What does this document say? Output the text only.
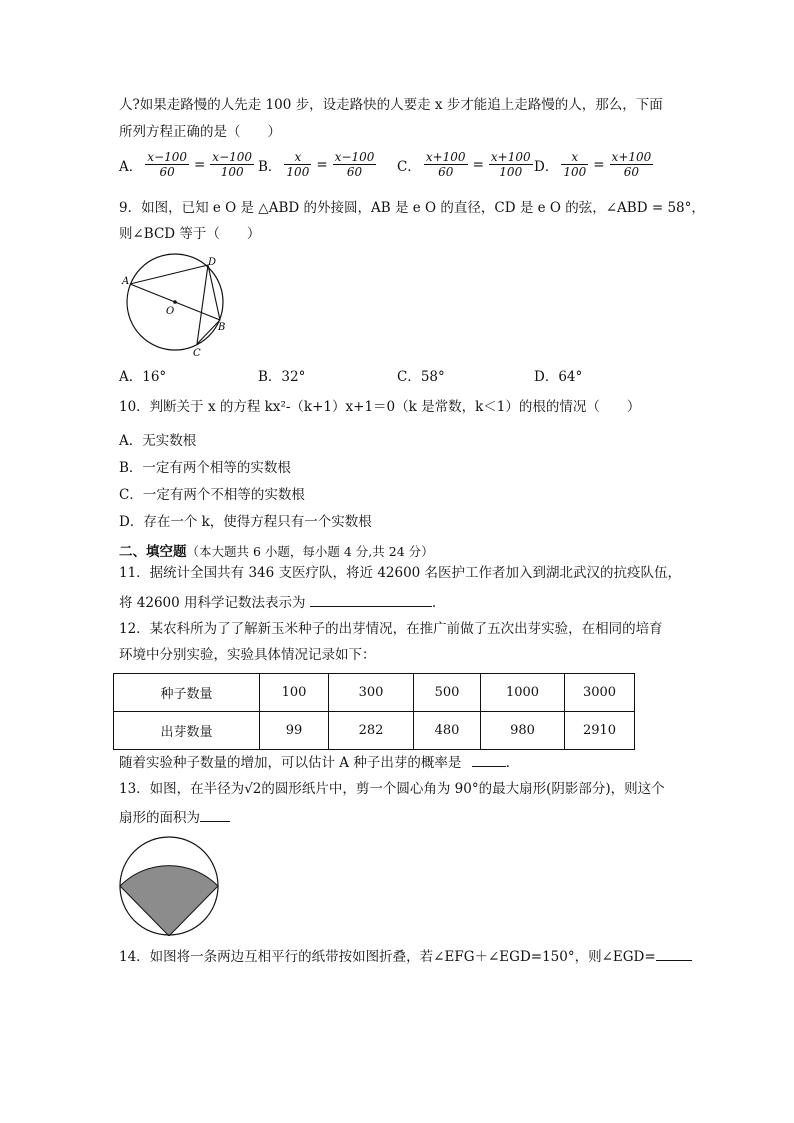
人?如果走路慢的人先走 100 步，设走路快的人要走 x 步才能追上走路慢的人，那么，下面
所列方程正确的是（　　）
A． $\frac{x-100}{60} = \frac{x-100}{100}$ B． $\frac{x}{100} = \frac{x-100}{60}$ C． $\frac{x+100}{60} = \frac{x+100}{100}$ D． $\frac{x}{100} = \frac{x+100}{60}$
9．如图，已知 e O 是 △ABD 的外接圆，AB 是 e O 的直径，CD 是 e O 的弦，∠ABD = 58°，
则∠BCD 等于（　　）
A
D
O
B
C
A．16°	B．32°	C．58°	D．64°
10．判断关于 x 的方程 kx²-（k+1）x+1＝0（k 是常数，k＜1）的根的情况（　　）
A．无实数根
B．一定有两个相等的实数根
C．一定有两个不相等的实数根
D．存在一个 k，使得方程只有一个实数根
二、填空题（本大题共 6 小题，每小题 4 分,共 24 分）
11．据统计全国共有 346 支医疗队，将近 42600 名医护工作者加入到湖北武汉的抗疫队伍，
将 42600 用科学记数法表示为	.
12．某农科所为了了解新玉米种子的出芽情况，在推广前做了五次出芽实验，在相同的培育
环境中分别实验，实验具体情况记录如下：
种子数量	100	300	500	1000	3000
出芽数量	99	282	480	980	2910
随着实验种子数量的增加，可以估计 A 种子出芽的概率是	.
13．如图，在半径为√2的圆形纸片中，剪一个圆心角为 90°的最大扇形(阴影部分)，则这个
扇形的面积为
14．如图将一条两边互相平行的纸带按如图折叠，若∠EFG＋∠EGD=150°，则∠EGD=
